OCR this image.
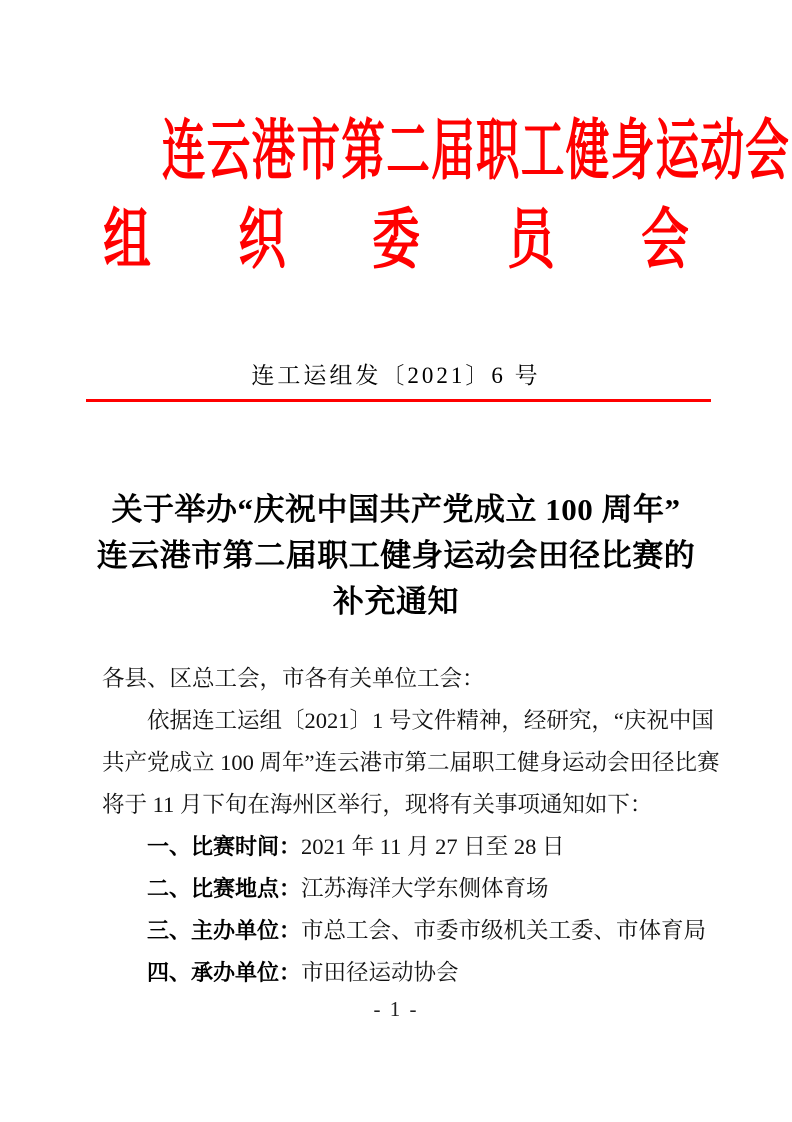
连云港市第二届职工健身运动会
组 织 委 员 会
连工运组发〔2021〕6 号
关于举办“庆祝中国共产党成立 100 周年”
连云港市第二届职工健身运动会田径比赛的
补充通知
各县、区总工会，市各有关单位工会：
依据连工运组〔2021〕1 号文件精神，经研究，“庆祝中国
共产党成立 100 周年”连云港市第二届职工健身运动会田径比赛
将于 11 月下旬在海州区举行，现将有关事项通知如下：
一、比赛时间：2021 年 11 月 27 日至 28 日
二、比赛地点：江苏海洋大学东侧体育场
三、主办单位：市总工会、市委市级机关工委、市体育局
四、承办单位：市田径运动协会
- 1 -
